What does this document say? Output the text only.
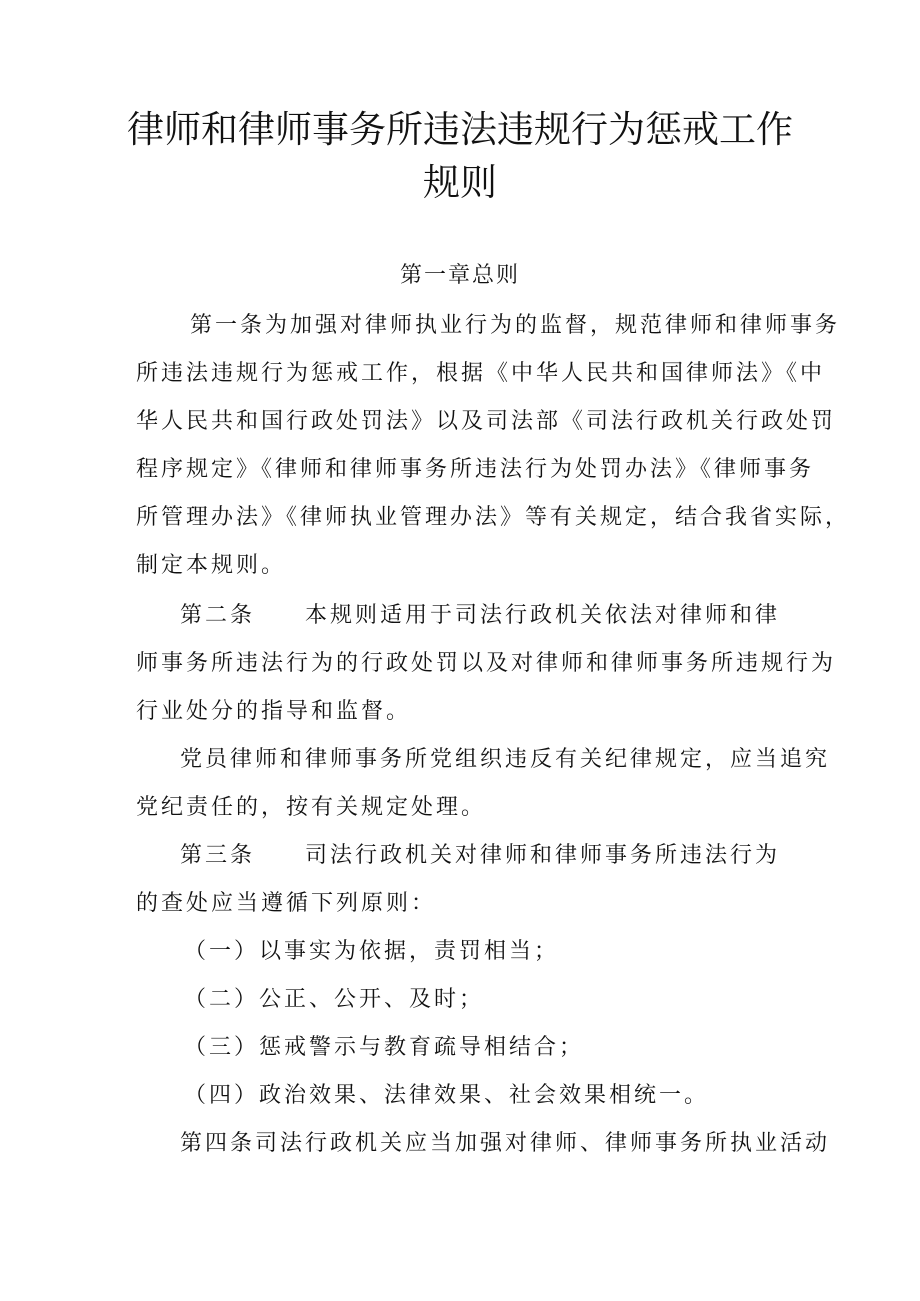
律师和律师事务所违法违规行为惩戒工作
规则
第一章总则
第一条为加强对律师执业行为的监督，规范律师和律师事务
所违法违规行为惩戒工作，根据《中华人民共和国律师法》《中
华人民共和国行政处罚法》以及司法部《司法行政机关行政处罚
程序规定》《律师和律师事务所违法行为处罚办法》《律师事务
所管理办法》《律师执业管理办法》等有关规定，结合我省实际，
制定本规则。
第二条 本规则适用于司法行政机关依法对律师和律
师事务所违法行为的行政处罚以及对律师和律师事务所违规行为
行业处分的指导和监督。
党员律师和律师事务所党组织违反有关纪律规定，应当追究
党纪责任的，按有关规定处理。
第三条 司法行政机关对律师和律师事务所违法行为
的查处应当遵循下列原则：
（一）以事实为依据，责罚相当；
（二）公正、公开、及时；
（三）惩戒警示与教育疏导相结合；
（四）政治效果、法律效果、社会效果相统一。
第四条司法行政机关应当加强对律师、律师事务所执业活动
